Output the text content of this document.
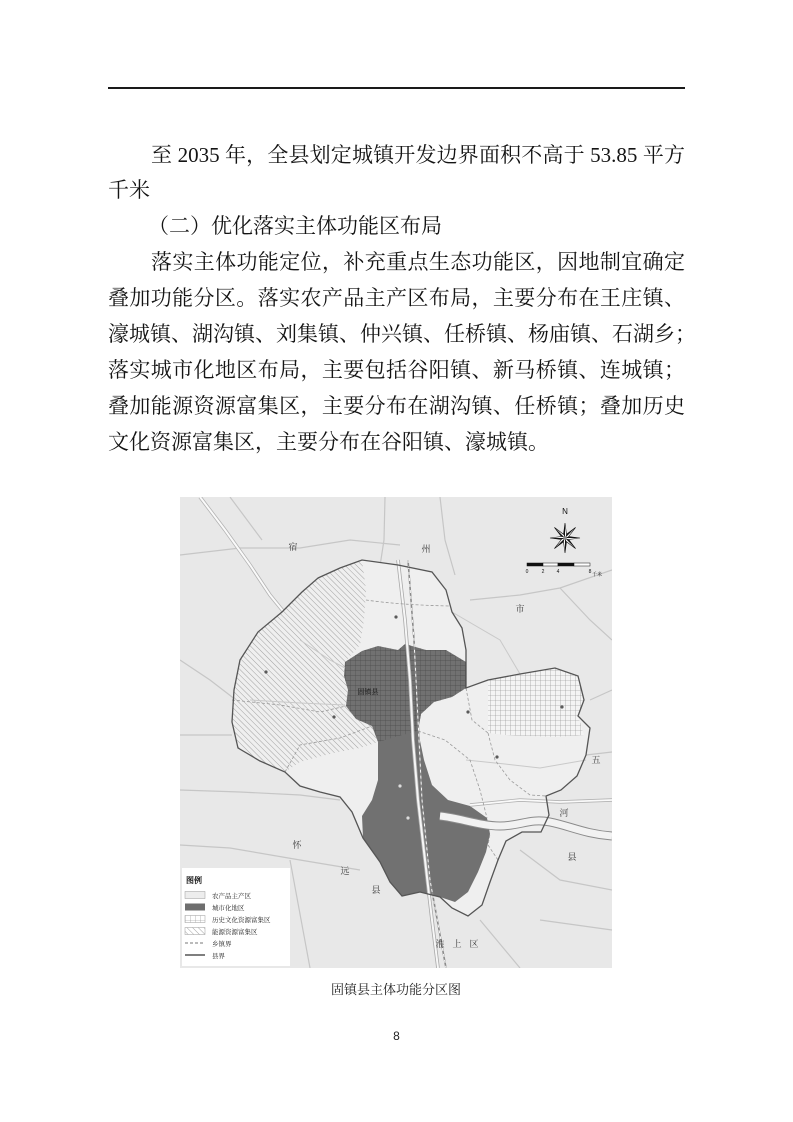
至 2035 年，全县划定城镇开发边界面积不高于 53.85 平方
千米
（二）优化落实主体功能区布局
落实主体功能定位，补充重点生态功能区，因地制宜确定
叠加功能分区。落实农产品主产区布局，主要分布在王庄镇、
濠城镇、湖沟镇、刘集镇、仲兴镇、任桥镇、杨庙镇、石湖乡；
落实城市化地区布局，主要包括谷阳镇、新马桥镇、连城镇；
叠加能源资源富集区，主要分布在湖沟镇、任桥镇；叠加历史
文化资源富集区，主要分布在谷阳镇、濠城镇。
宿	州
市
怀
远
县
淮 上 区
五
河
县
固镇县
N
0	2 4	8 千米
图例
农产品主产区
城市化地区
历史文化资源富集区
能源资源富集区
乡镇界
县界
固镇县主体功能分区图
8
